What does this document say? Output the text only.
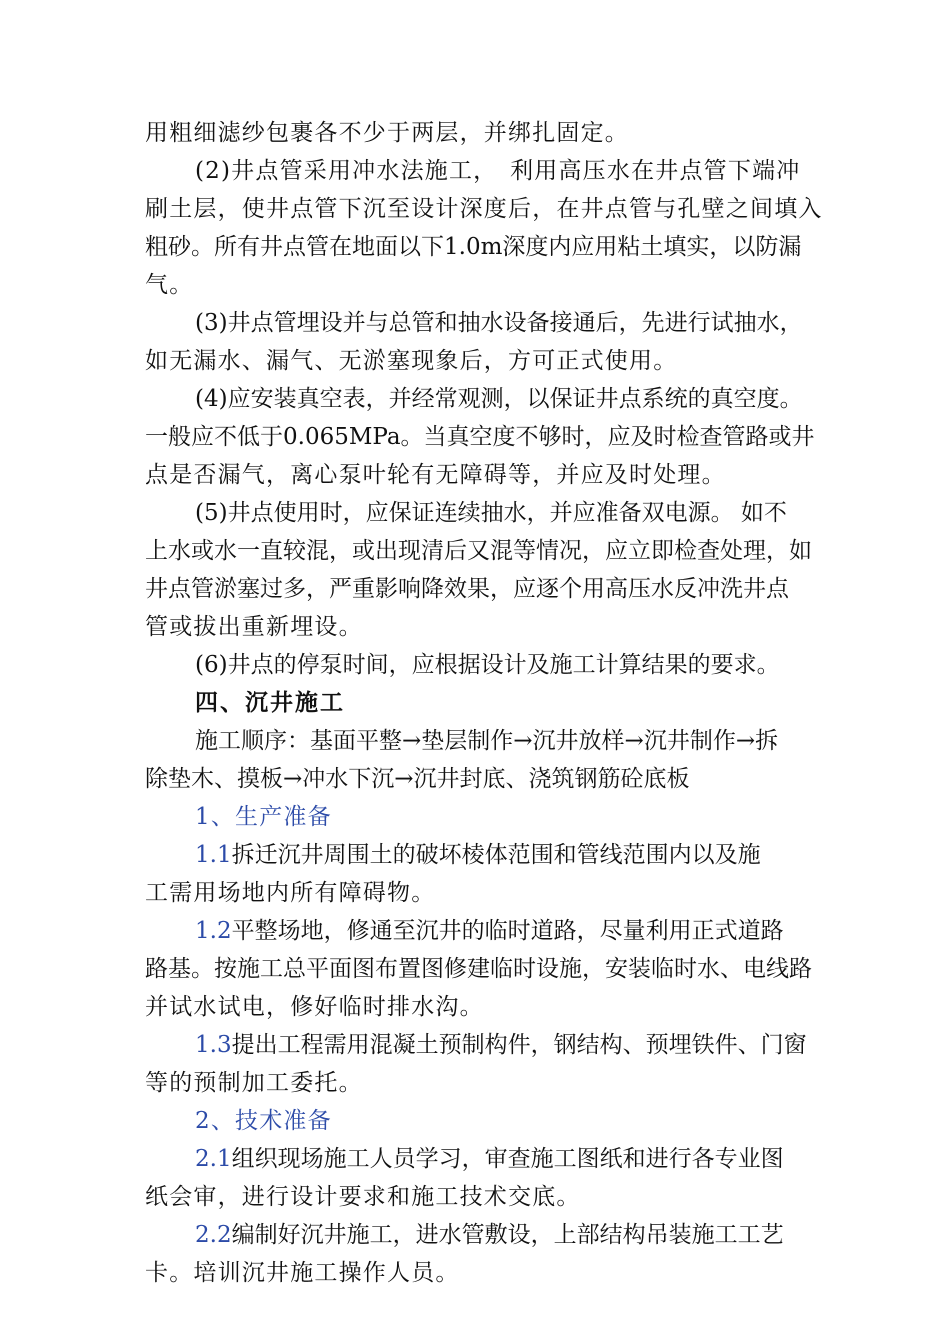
用粗细滤纱包裹各不少于两层，并绑扎固定。
(2)井点管采用冲水法施工，　利用高压水在井点管下端冲
刷土层，使井点管下沉至设计深度后，在井点管与孔壁之间填入
粗砂。所有井点管在地面以下1.0m深度内应用粘土填实，以防漏
气。
(3)井点管埋设并与总管和抽水设备接通后，先进行试抽水，
如无漏水、漏气、无淤塞现象后，方可正式使用。
(4)应安装真空表，并经常观测，以保证井点系统的真空度。
一般应不低于0.065MPa。当真空度不够时，应及时检查管路或井
点是否漏气，离心泵叶轮有无障碍等，并应及时处理。
(5)井点使用时，应保证连续抽水，并应准备双电源。 如不
上水或水一直较混，或出现清后又混等情况，应立即检查处理，如
井点管淤塞过多，严重影响降效果，应逐个用高压水反冲洗井点
管或拔出重新埋设。
(6)井点的停泵时间，应根据设计及施工计算结果的要求。
四、沉井施工
施工顺序：基面平整→垫层制作→沉井放样→沉井制作→拆
除垫木、摸板→冲水下沉→沉井封底、浇筑钢筋砼底板
1、生产准备
1.1拆迁沉井周围土的破坏棱体范围和管线范围内以及施
工需用场地内所有障碍物。
1.2平整场地，修通至沉井的临时道路，尽量利用正式道路
路基。按施工总平面图布置图修建临时设施，安装临时水、电线路
并试水试电，修好临时排水沟。
1.3提出工程需用混凝土预制构件，钢结构、预埋铁件、门窗
等的预制加工委托。
2、技术准备
2.1组织现场施工人员学习，审查施工图纸和进行各专业图
纸会审，进行设计要求和施工技术交底。
2.2编制好沉井施工，进水管敷设，上部结构吊装施工工艺
卡。培训沉井施工操作人员。
